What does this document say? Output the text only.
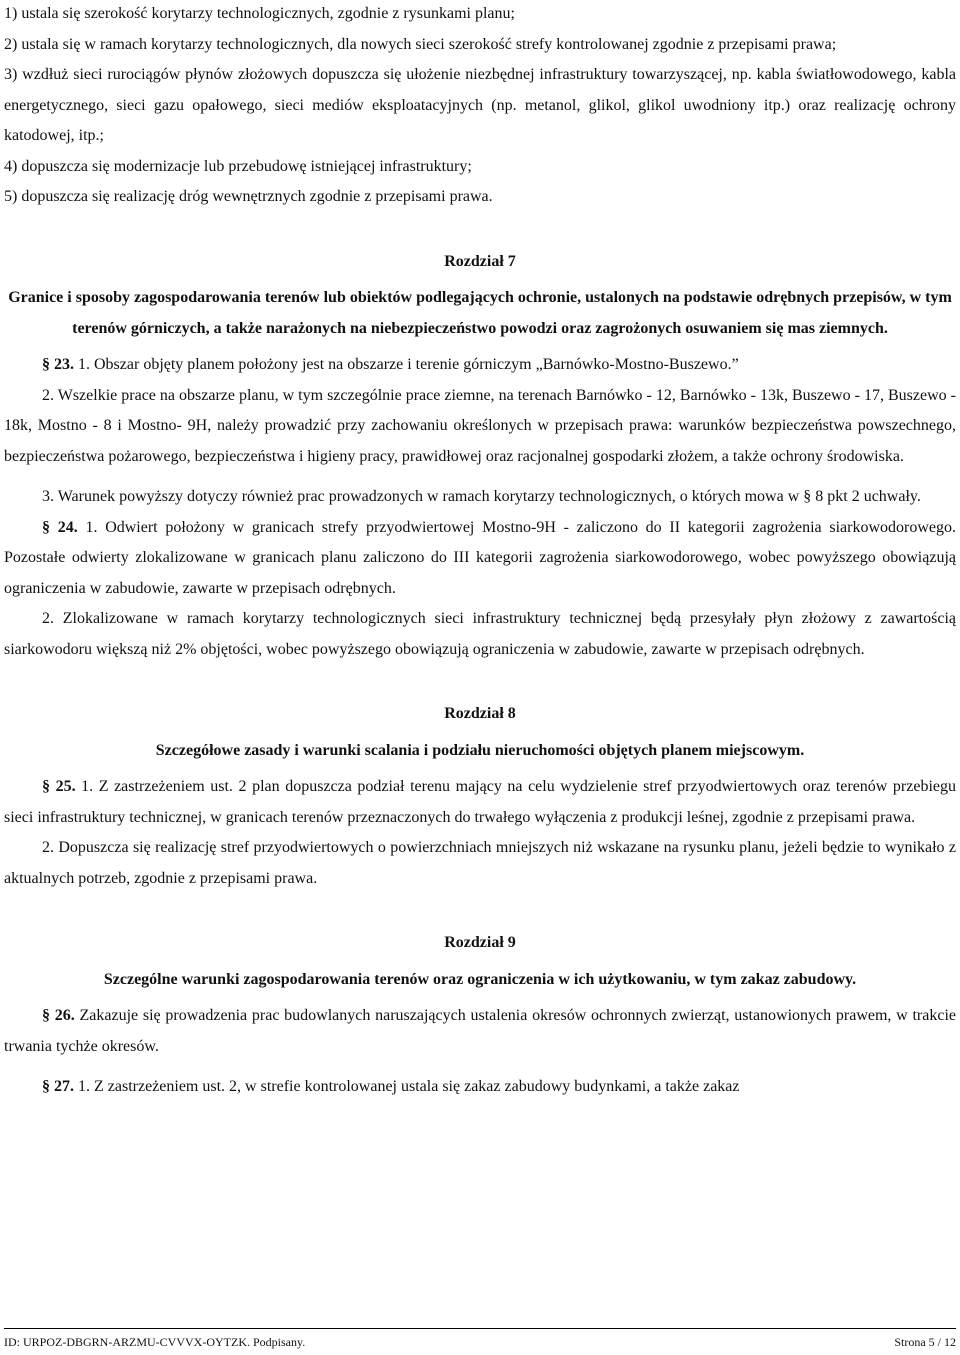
1) ustala się szerokość korytarzy technologicznych, zgodnie z rysunkami planu;

2) ustala się w ramach korytarzy technologicznych, dla nowych sieci szerokość strefy kontrolowanej zgodnie z przepisami prawa;

3) wzdłuż sieci rurociągów płynów złożowych dopuszcza się ułożenie niezbędnej infrastruktury towarzyszącej, np. kabla światłowodowego, kabla energetycznego, sieci gazu opałowego, sieci mediów eksploatacyjnych (np. metanol, glikol, glikol uwodniony itp.) oraz realizację ochrony katodowej, itp.;

4) dopuszcza się modernizacje lub przebudowę istniejącej infrastruktury;

5) dopuszcza się realizację dróg wewnętrznych zgodnie z przepisami prawa.

Rozdział 7

Granice i sposoby zagospodarowania terenów lub obiektów podlegających ochronie, ustalonych na podstawie odrębnych przepisów, w tym terenów górniczych, a także narażonych na niebezpieczeństwo powodzi oraz zagrożonych osuwaniem się mas ziemnych.

§ 23. 1. Obszar objęty planem położony jest na obszarze i terenie górniczym „Barnówko-Mostno-Buszewo.”

2. Wszelkie prace na obszarze planu, w tym szczególnie prace ziemne, na terenach Barnówko - 12, Barnówko - 13k, Buszewo - 17, Buszewo - 18k, Mostno - 8 i Mostno- 9H, należy prowadzić przy zachowaniu określonych w przepisach prawa: warunków bezpieczeństwa powszechnego, bezpieczeństwa pożarowego, bezpieczeństwa i higieny pracy, prawidłowej oraz racjonalnej gospodarki złożem, a także ochrony środowiska.

3. Warunek powyższy dotyczy również prac prowadzonych w ramach korytarzy technologicznych, o których mowa w § 8 pkt 2 uchwały.

§ 24. 1. Odwiert położony w granicach strefy przyodwiertowej Mostno-9H - zaliczono do II kategorii zagrożenia siarkowodorowego. Pozostałe odwierty zlokalizowane w granicach planu zaliczono do III kategorii zagrożenia siarkowodorowego, wobec powyższego obowiązują ograniczenia w zabudowie, zawarte w przepisach odrębnych.

2. Zlokalizowane w ramach korytarzy technologicznych sieci infrastruktury technicznej będą przesyłały płyn złożowy z zawartością siarkowodoru większą niż 2% objętości, wobec powyższego obowiązują ograniczenia w zabudowie, zawarte w przepisach odrębnych.

Rozdział 8

Szczegółowe zasady i warunki scalania i podziału nieruchomości objętych planem miejscowym.

§ 25. 1. Z zastrzeżeniem ust. 2 plan dopuszcza podział terenu mający na celu wydzielenie stref przyodwiertowych oraz terenów przebiegu sieci infrastruktury technicznej, w granicach terenów przeznaczonych do trwałego wyłączenia z produkcji leśnej, zgodnie z przepisami prawa.

2. Dopuszcza się realizację stref przyodwiertowych o powierzchniach mniejszych niż wskazane na rysunku planu, jeżeli będzie to wynikało z aktualnych potrzeb, zgodnie z przepisami prawa.

Rozdział 9

Szczególne warunki zagospodarowania terenów oraz ograniczenia w ich użytkowaniu, w tym zakaz zabudowy.

§ 26. Zakazuje się prowadzenia prac budowlanych naruszających ustalenia okresów ochronnych zwierząt, ustanowionych prawem, w trakcie trwania tychże okresów.

§ 27. 1. Z zastrzeżeniem ust. 2, w strefie kontrolowanej ustala się zakaz zabudowy budynkami, a także zakaz

ID: URPOZ-DBGRN-ARZMU-CVVVX-OYTZK. Podpisany.	Strona 5 / 12
